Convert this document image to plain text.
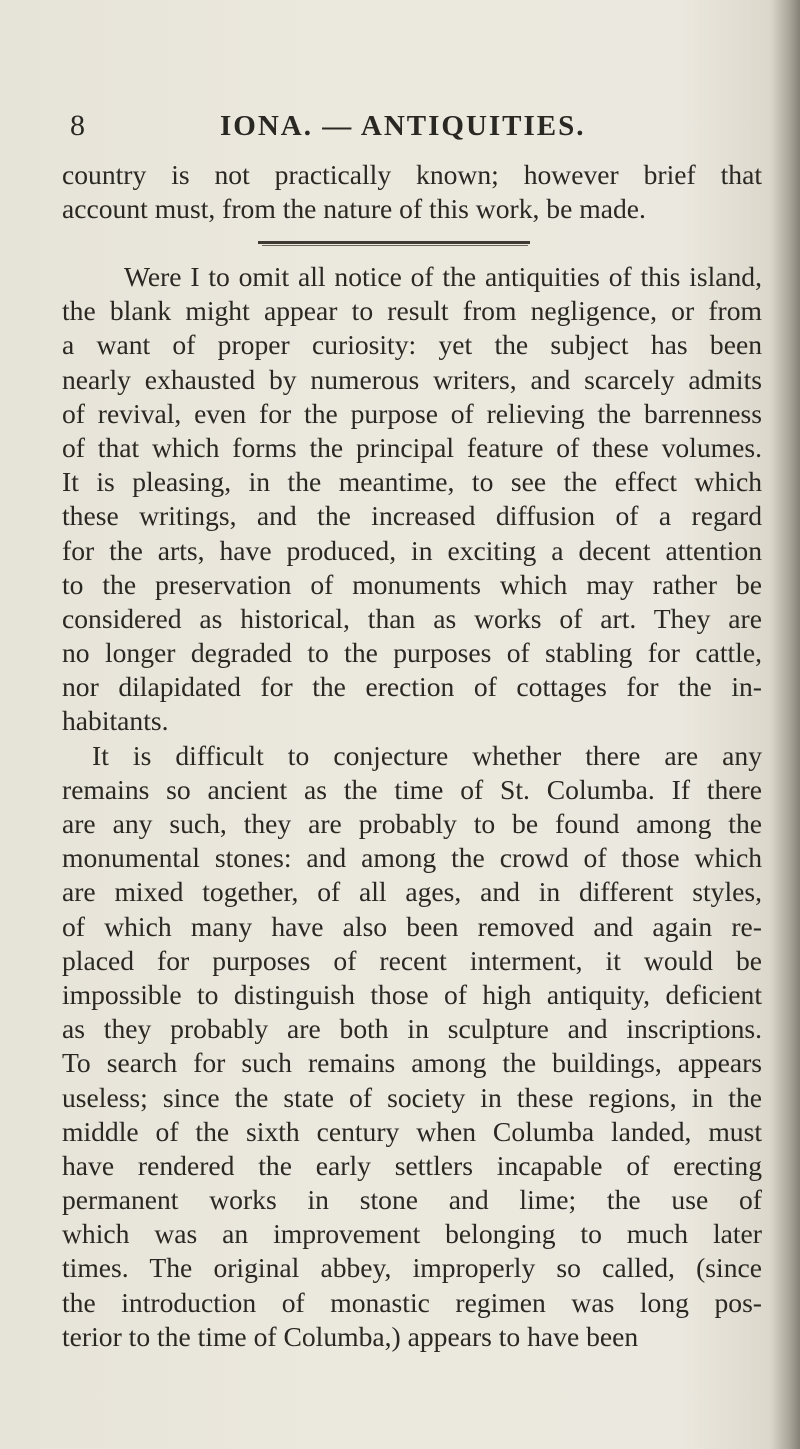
8	IONA. — ANTIQUITIES.
country is not practically known; however brief that
account must, from the nature of this work, be made.
Were I to omit all notice of the antiquities of this island,
the blank might appear to result from negligence, or from
a want of proper curiosity: yet the subject has been
nearly exhausted by numerous writers, and scarcely admits
of revival, even for the purpose of relieving the barrenness
of that which forms the principal feature of these volumes.
It is pleasing, in the meantime, to see the effect which
these writings, and the increased diffusion of a regard
for the arts, have produced, in exciting a decent attention
to the preservation of monuments which may rather be
considered as historical, than as works of art. They are
no longer degraded to the purposes of stabling for cattle,
nor dilapidated for the erection of cottages for the in-
habitants.
It is difficult to conjecture whether there are any
remains so ancient as the time of St. Columba. If there
are any such, they are probably to be found among the
monumental stones: and among the crowd of those which
are mixed together, of all ages, and in different styles,
of which many have also been removed and again re-
placed for purposes of recent interment, it would be
impossible to distinguish those of high antiquity, deficient
as they probably are both in sculpture and inscriptions.
To search for such remains among the buildings, appears
useless; since the state of society in these regions, in the
middle of the sixth century when Columba landed, must
have rendered the early settlers incapable of erecting
permanent works in stone and lime; the use of
which was an improvement belonging to much later
times. The original abbey, improperly so called, (since
the introduction of monastic regimen was long pos-
terior to the time of Columba,) appears to have been
